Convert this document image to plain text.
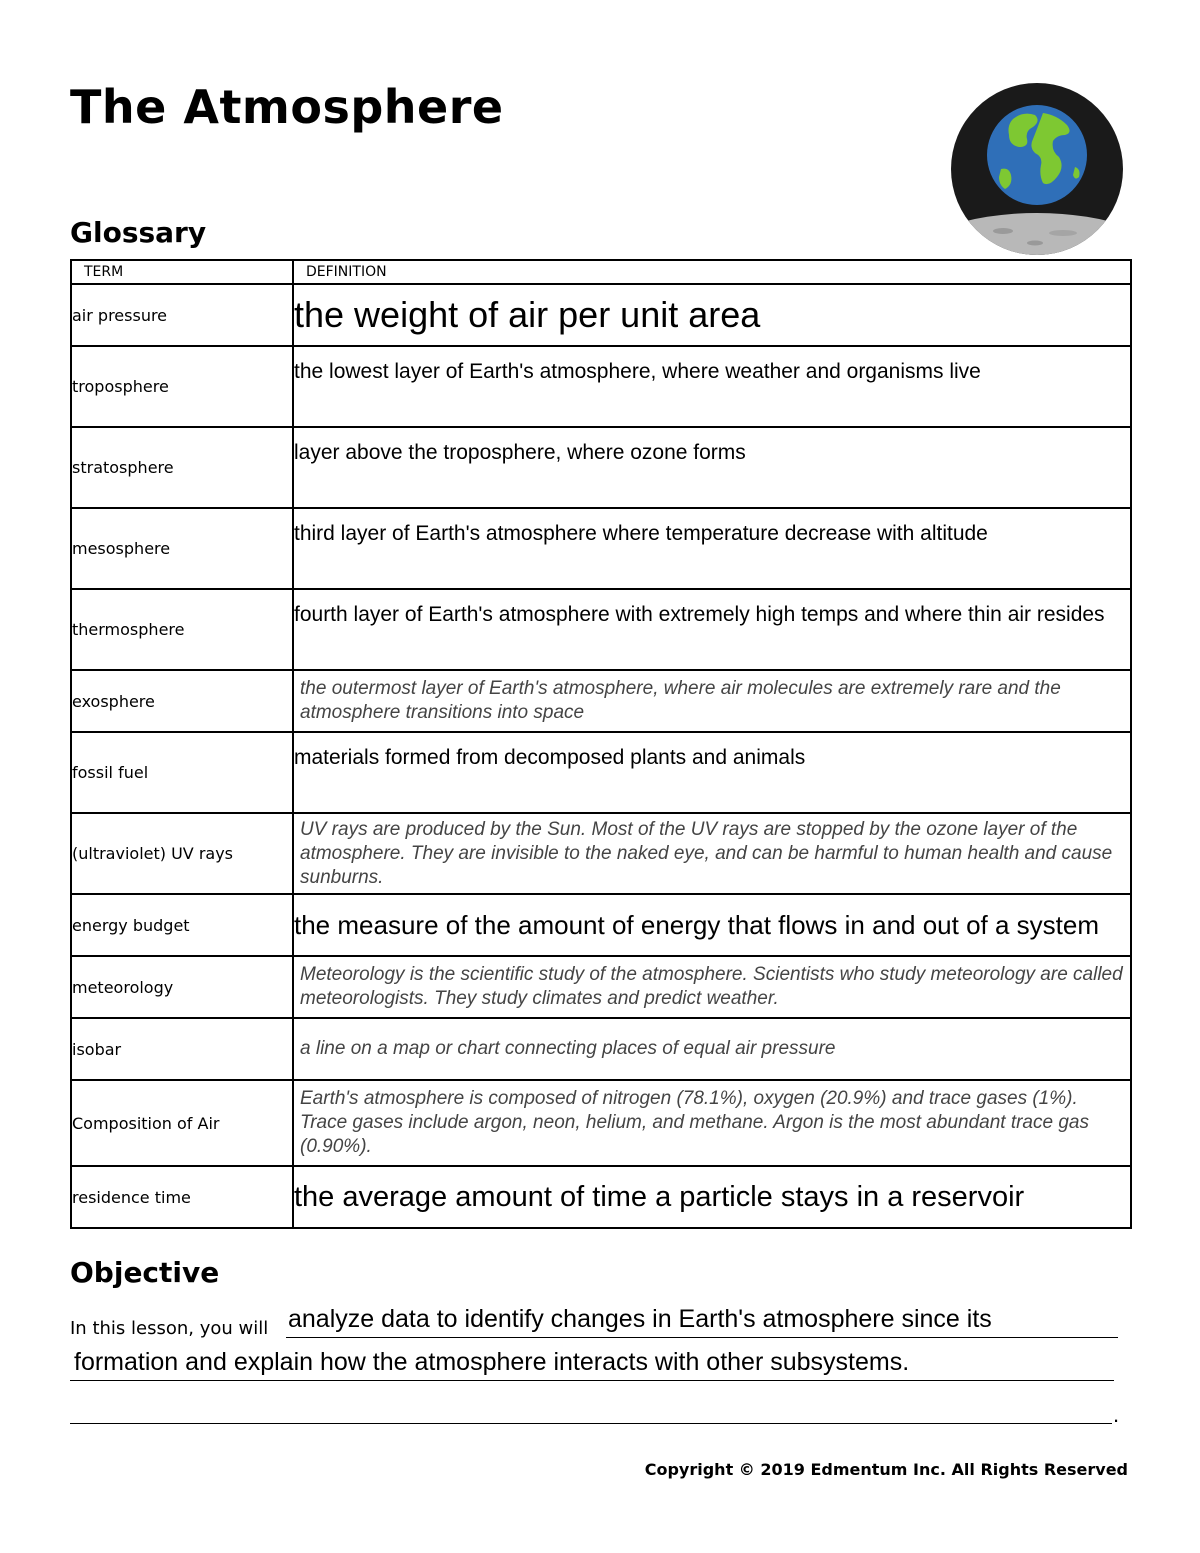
The Atmosphere
Glossary
TERM	DEFINITION
air pressure	the weight of air per unit area
troposphere	the lowest layer of Earth's atmosphere, where weather and organisms live
stratosphere	layer above the troposphere, where ozone forms
mesosphere	third layer of Earth's atmosphere where temperature decrease with altitude
thermosphere	fourth layer of Earth's atmosphere with extremely high temps and where thin air resides

exosphere	the outermost layer of Earth's atmosphere, where air molecules are extremely rare and the atmosphere transitions into space

fossil fuel	materials formed from decomposed plants and animals
(ultraviolet) UV rays	UV rays are produced by the Sun. Most of the UV rays are stopped by the ozone layer of the atmosphere. They are invisible to the naked eye, and can be harmful to human health and cause sunburns.

energy budget	the measure of the amount of energy that flows in and out of a system
meteorology	Meteorology is the scientific study of the atmosphere. Scientists who study meteorology are called meteorologists. They study climates and predict weather.

isobar	a line on a map or chart connecting places of equal air pressure

Composition of Air	Earth's atmosphere is composed of nitrogen (78.1%), oxygen (20.9%) and trace gases (1%). Trace gases include argon, neon, helium, and methane. Argon is the most abundant trace gas (0.90%).

residence time	the average amount of time a particle stays in a reservoir
Objective
In this lesson, you will analyze data to identify changes in Earth's atmosphere since its
formation and explain how the atmosphere interacts with other subsystems.
.
Copyright © 2019 Edmentum Inc. All Rights Reserved
